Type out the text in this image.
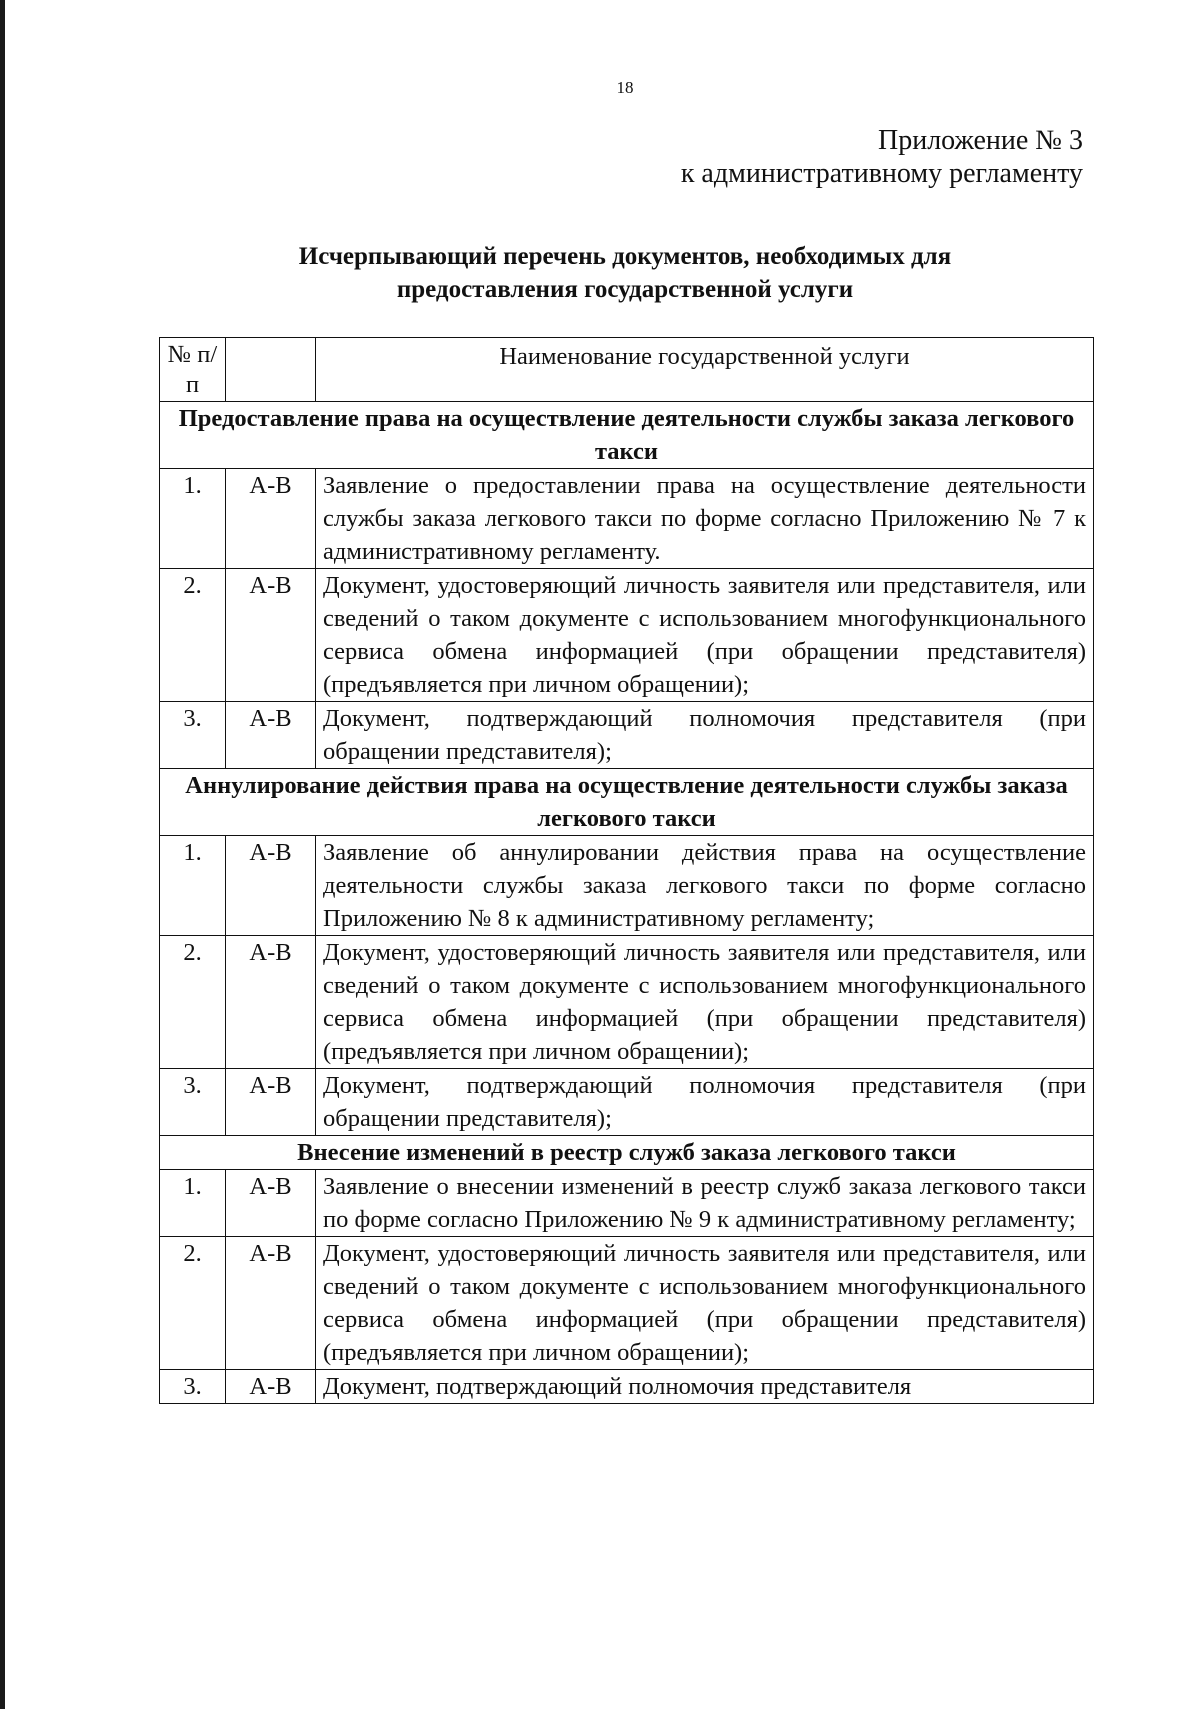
18
Приложение № 3
к административному регламенту
Исчерпывающий перечень документов, необходимых для
предоставления государственной услуги
№ п/п		Наименование государственной услуги
Предоставление права на осуществление деятельности службы заказа легкового такси		
1.	А-В	Заявление о предоставлении права на осуществление деятельности службы заказа легкового такси по форме согласно Приложению № 7 к административному регламенту.
2.	А-В	Документ, удостоверяющий личность заявителя или представителя, или сведений о таком документе с использованием многофункционального сервиса обмена информацией (при обращении представителя) (предъявляется при личном обращении);
3.	А-В	Документ, подтверждающий полномочия представителя (при обращении представителя);
Аннулирование действия права на осуществление деятельности службы заказа легкового такси		
1.	А-В	Заявление об аннулировании действия права на осуществление деятельности службы заказа легкового такси по форме согласно Приложению № 8 к административному регламенту;
2.	А-В	Документ, удостоверяющий личность заявителя или представителя, или сведений о таком документе с использованием многофункционального сервиса обмена информацией (при обращении представителя) (предъявляется при личном обращении);
3.	А-В	Документ, подтверждающий полномочия представителя (при обращении представителя);
Внесение изменений в реестр служб заказа легкового такси		
1.	А-В	Заявление о внесении изменений в реестр служб заказа легкового такси по форме согласно Приложению № 9 к административному регламенту;
2.	А-В	Документ, удостоверяющий личность заявителя или представителя, или сведений о таком документе с использованием многофункционального сервиса обмена информацией (при обращении представителя) (предъявляется при личном обращении);
3.	А-В	Документ, подтверждающий полномочия представителя
